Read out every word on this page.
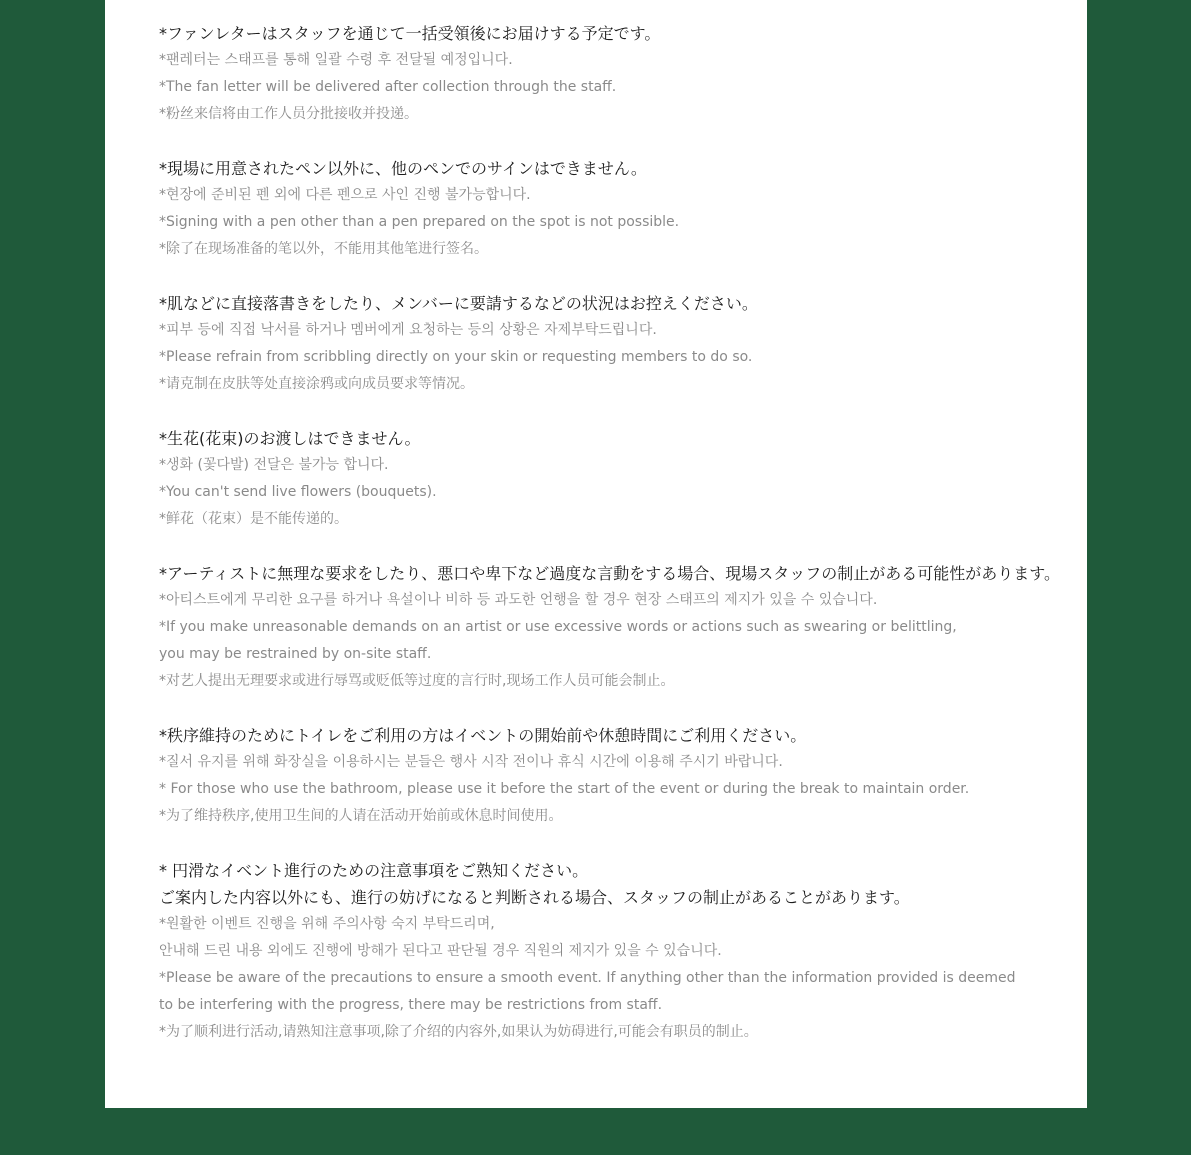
*ファンレターはスタッフを通じて一括受領後にお届けする予定です。
*팬레터는 스태프를 통해 일괄 수령 후 전달될 예정입니다.
*The fan letter will be delivered after collection through the staff.
*粉丝来信将由工作人员分批接收并投递。
*現場に用意されたペン以外に、他のペンでのサインはできません。
*현장에 준비된 펜 외에 다른 펜으로 사인 진행 불가능합니다.
*Signing with a pen other than a pen prepared on the spot is not possible.
*除了在现场准备的笔以外，不能用其他笔进行签名。
*肌などに直接落書きをしたり、メンバーに要請するなどの状況はお控えください。
*피부 등에 직접 낙서를 하거나 멤버에게 요청하는 등의 상황은 자제부탁드립니다.
*Please refrain from scribbling directly on your skin or requesting members to do so.
*请克制在皮肤等处直接涂鸦或向成员要求等情况。
*生花(花束)のお渡しはできません。
*생화 (꽃다발) 전달은 불가능 합니다.
*You can't send live flowers (bouquets).
*鲜花（花束）是不能传递的。
*アーティストに無理な要求をしたり、悪口や卑下など過度な言動をする場合、現場スタッフの制止がある可能性があります。
*아티스트에게 무리한 요구를 하거나 욕설이나 비하 등 과도한 언행을 할 경우 현장 스태프의 제지가 있을 수 있습니다.
*If you make unreasonable demands on an artist or use excessive words or actions such as swearing or belittling,
you may be restrained by on-site staff.
*对艺人提出无理要求或进行辱骂或贬低等过度的言行时,现场工作人员可能会制止。
*秩序維持のためにトイレをご利用の方はイベントの開始前や休憩時間にご利用ください。
*질서 유지를 위해 화장실을 이용하시는 분들은 행사 시작 전이나 휴식 시간에 이용해 주시기 바랍니다.
* For those who use the bathroom, please use it before the start of the event or during the break to maintain order.
*为了维持秩序,使用卫生间的人请在活动开始前或休息时间使用。
* 円滑なイベント進行のための注意事項をご熟知ください。
ご案内した内容以外にも、進行の妨げになると判断される場合、スタッフの制止があることがあります。
*원활한 이벤트 진행을 위해 주의사항 숙지 부탁드리며,
안내해 드린 내용 외에도 진행에 방해가 된다고 판단될 경우 직원의 제지가 있을 수 있습니다.
*Please be aware of the precautions to ensure a smooth event. If anything other than the information provided is deemed
to be interfering with the progress, there may be restrictions from staff.
*为了顺利进行活动,请熟知注意事项,除了介绍的内容外,如果认为妨碍进行,可能会有职员的制止。
